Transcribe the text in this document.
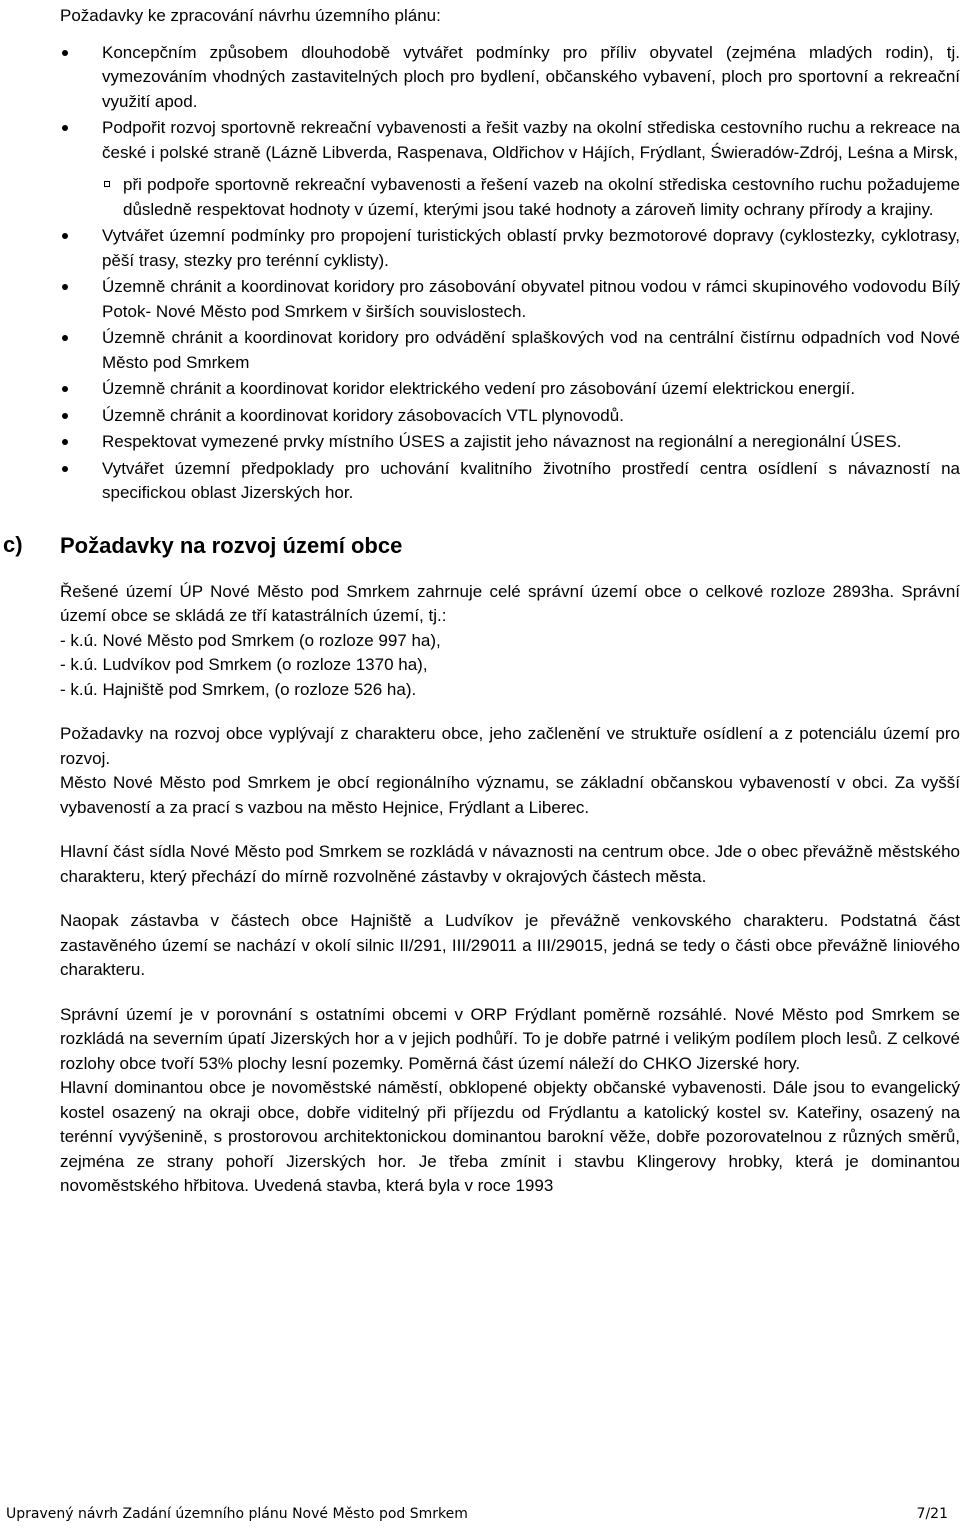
Požadavky ke zpracování návrhu územního plánu:

Koncepčním způsobem dlouhodobě vytvářet podmínky pro příliv obyvatel (zejména mladých rodin), tj. vymezováním vhodných zastavitelných ploch pro bydlení, občanského vybavení, ploch pro sportovní a rekreační využití apod.
Podpořit rozvoj sportovně rekreační vybavenosti a řešit vazby na okolní střediska cestovního ruchu a rekreace na české i polské straně (Lázně Libverda, Raspenava, Oldřichov v Hájích, Frýdlant, Świeradów-Zdrój, Leśna a Mirsk,
při podpoře sportovně rekreační vybavenosti a řešení vazeb na okolní střediska cestovního ruchu požadujeme důsledně respektovat hodnoty v území, kterými jsou také hodnoty a zároveň limity ochrany přírody a krajiny.
Vytvářet územní podmínky pro propojení turistických oblastí prvky bezmotorové dopravy (cyklostezky, cyklotrasy, pěší trasy, stezky pro terénní cyklisty).
Územně chránit a koordinovat koridory pro zásobování obyvatel pitnou vodou v rámci skupinového vodovodu Bílý Potok- Nové Město pod Smrkem v širších souvislostech.
Územně chránit a koordinovat koridory pro odvádění splaškových vod na centrální čistírnu odpadních vod Nové Město pod Smrkem
Územně chránit a koordinovat koridor elektrického vedení pro zásobování území elektrickou energií.
Územně chránit a koordinovat koridory zásobovacích VTL plynovodů.
Respektovat vymezené prvky místního ÚSES a zajistit jeho návaznost na regionální a neregionální ÚSES.
Vytvářet územní předpoklady pro uchování kvalitního životního prostředí centra osídlení s návazností na specifickou oblast Jizerských hor.
c) Požadavky na rozvoj území obce

Řešené území ÚP Nové Město pod Smrkem zahrnuje celé správní území obce o celkové rozloze 2893ha. Správní území obce se skládá ze tří katastrálních území, tj.:

- k.ú. Nové Město pod Smrkem (o rozloze 997 ha),

- k.ú. Ludvíkov pod Smrkem (o rozloze 1370 ha),

- k.ú. Hajniště pod Smrkem, (o rozloze 526 ha).

Požadavky na rozvoj obce vyplývají z charakteru obce, jeho začlenění ve struktuře osídlení a z potenciálu území pro rozvoj.

Město Nové Město pod Smrkem je obcí regionálního významu, se základní občanskou vybaveností v obci. Za vyšší vybaveností a za prací s vazbou na město Hejnice, Frýdlant a Liberec.

Hlavní část sídla Nové Město pod Smrkem se rozkládá v návaznosti na centrum obce. Jde o obec převážně městského charakteru, který přechází do mírně rozvolněné zástavby v okrajových částech města.

Naopak zástavba v částech obce Hajniště a Ludvíkov je převážně venkovského charakteru. Podstatná část zastavěného území se nachází v okolí silnic II/291, III/29011 a III/29015, jedná se tedy o části obce převážně liniového charakteru.

Správní území je v porovnání s ostatními obcemi v ORP Frýdlant poměrně rozsáhlé. Nové Město pod Smrkem se rozkládá na severním úpatí Jizerských hor a v jejich podhůří. To je dobře patrné i velikým podílem ploch lesů. Z celkové rozlohy obce tvoří 53% plochy lesní pozemky. Poměrná část území náleží do CHKO Jizerské hory.

Hlavní dominantou obce je novoměstské náměstí, obklopené objekty občanské vybavenosti. Dále jsou to evangelický kostel osazený na okraji obce, dobře viditelný při příjezdu od Frýdlantu a katolický kostel sv. Kateřiny, osazený na terénní vyvýšenině, s prostorovou architektonickou dominantou barokní věže, dobře pozorovatelnou z různých směrů, zejména ze strany pohoří Jizerských hor. Je třeba zmínit i stavbu Klingerovy hrobky, která je dominantou novoměstského hřbitova. Uvedená stavba, která byla v roce 1993

Upravený návrh Zadání územního plánu Nové Město pod Smrkem	7/21
